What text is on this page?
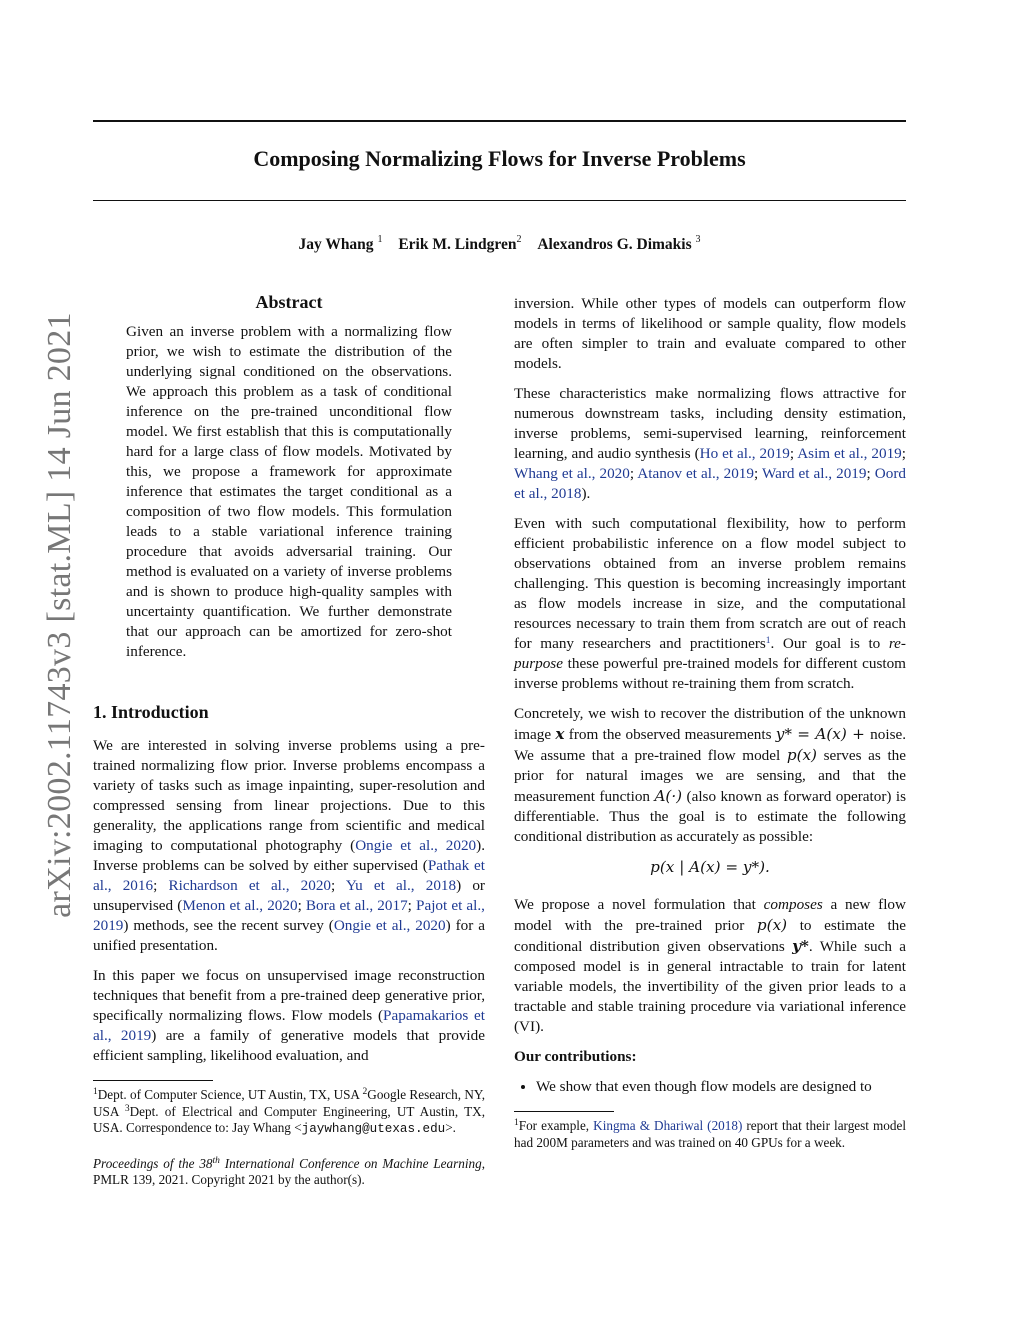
Composing Normalizing Flows for Inverse Problems
Jay Whang $^1$ Erik M. Lindgren$^2$ Alexandros G. Dimakis $^3$
arXiv:2002.11743v3 [stat.ML] 14 Jun 2021
Abstract

Given an inverse problem with a normalizing flow prior, we wish to estimate the distribution of the underlying signal conditioned on the observations. We approach this problem as a task of conditional inference on the pre-trained unconditional flow model. We first establish that this is computationally hard for a large class of flow models. Motivated by this, we propose a framework for approximate inference that estimates the target conditional as a composition of two flow models. This formulation leads to a stable variational inference training procedure that avoids adversarial training. Our method is evaluated on a variety of inverse problems and is shown to produce high-quality samples with uncertainty quantification. We further demonstrate that our approach can be amortized for zero-shot inference.

1. Introduction

We are interested in solving inverse problems using a pre-trained normalizing flow prior. Inverse problems encompass a variety of tasks such as image inpainting, super-resolution and compressed sensing from linear projections. Due to this generality, the applications range from scientific and medical imaging to computational photography (Ongie et al., 2020). Inverse problems can be solved by either supervised (Pathak et al., 2016; Richardson et al., 2020; Yu et al., 2018) or unsupervised (Menon et al., 2020; Bora et al., 2017; Pajot et al., 2019) methods, see the recent survey (Ongie et al., 2020) for a unified presentation.

In this paper we focus on unsupervised image reconstruction techniques that benefit from a pre-trained deep generative prior, specifically normalizing flows. Flow models (Papamakarios et al., 2019) are a family of generative models that provide efficient sampling, likelihood evaluation, and

$^1$Dept. of Computer Science, UT Austin, TX, USA $^2$Google Research, NY, USA $^3$Dept. of Electrical and Computer Engineering, UT Austin, TX, USA. Correspondence to: Jay Whang <jaywhang@utexas.edu>.

Proceedings of the 38th International Conference on Machine Learning, PMLR 139, 2021. Copyright 2021 by the author(s).

inversion. While other types of models can outperform flow models in terms of likelihood or sample quality, flow models are often simpler to train and evaluate compared to other models.

These characteristics make normalizing flows attractive for numerous downstream tasks, including density estimation, inverse problems, semi-supervised learning, reinforcement learning, and audio synthesis (Ho et al., 2019; Asim et al., 2019; Whang et al., 2020; Atanov et al., 2019; Ward et al., 2019; Oord et al., 2018).

Even with such computational flexibility, how to perform efficient probabilistic inference on a flow model subject to observations obtained from an inverse problem remains challenging. This question is becoming increasingly important as flow models increase in size, and the computational resources necessary to train them from scratch are out of reach for many researchers and practitioners$^1$. Our goal is to re-purpose these powerful pre-trained models for different custom inverse problems without re-training them from scratch.

Concretely, we wish to recover the distribution of the unknown image x from the observed measurements y* = A(x) + noise. We assume that a pre-trained flow model p(x) serves as the prior for natural images we are sensing, and that the measurement function A(·) (also known as forward operator) is differentiable. Thus the goal is to estimate the following conditional distribution as accurately as possible:

p(x | A(x) = y*).

We propose a novel formulation that composes a new flow model with the pre-trained prior p(x) to estimate the conditional distribution given observations y*. While such a composed model is in general intractable to train for latent variable models, the invertibility of the given prior leads to a tractable and stable training procedure via variational inference (VI).

Our contributions:

• We show that even though flow models are designed to

$^1$For example, Kingma & Dhariwal (2018) report that their largest model had 200M parameters and was trained on 40 GPUs for a week.
